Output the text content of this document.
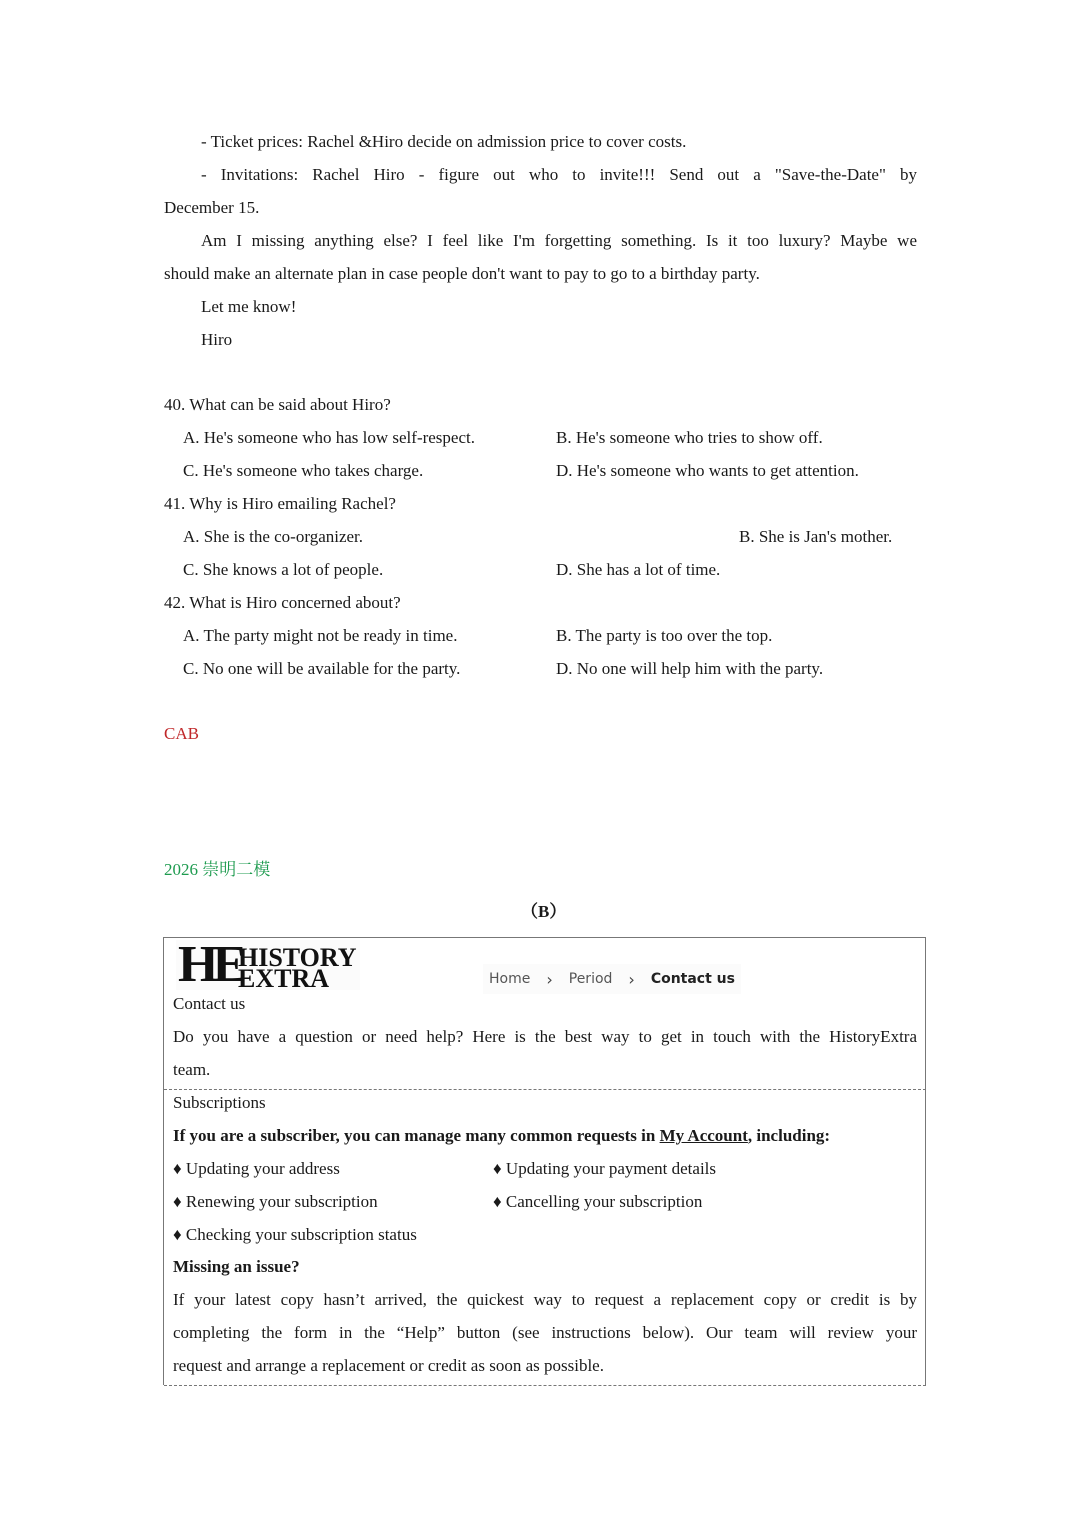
- Ticket prices: Rachel &Hiro decide on admission price to cover costs.
- Invitations: Rachel Hiro - figure out who to invite!!! Send out a "Save-the-Date" by
December 15.
Am I missing anything else? I feel like I'm forgetting something. Is it too luxury? Maybe we
should make an alternate plan in case people don't want to pay to go to a birthday party.
Let me know!
Hiro
40. What can be said about Hiro?
A. He's someone who has low self-respect.	B. He's someone who tries to show off.
C. He's someone who takes charge.	D. He's someone who wants to get attention.
41. Why is Hiro emailing Rachel?
A. She is the co-organizer.	B. She is Jan's mother.
C. She knows a lot of people.	D. She has a lot of time.
42. What is Hiro concerned about?
A. The party might not be ready in time.	B. The party is too over the top.
C. No one will be available for the party.	D. No one will help him with the party.
CAB
2026 崇明二模
（B）
HE
HISTORY
EXTRA	Home › Period › Contact us
Contact us
Do you have a question or need help? Here is the best way to get in touch with the HistoryExtra
team.
Subscriptions
If you are a subscriber, you can manage many common requests in My Account, including:
♦ Updating your address	♦ Updating your payment details
♦ Renewing your subscription	♦ Cancelling your subscription
♦ Checking your subscription status
Missing an issue?
If your latest copy hasn’t arrived, the quickest way to request a replacement copy or credit is by
completing the form in the “Help” button (see instructions below). Our team will review your
request and arrange a replacement or credit as soon as possible.
